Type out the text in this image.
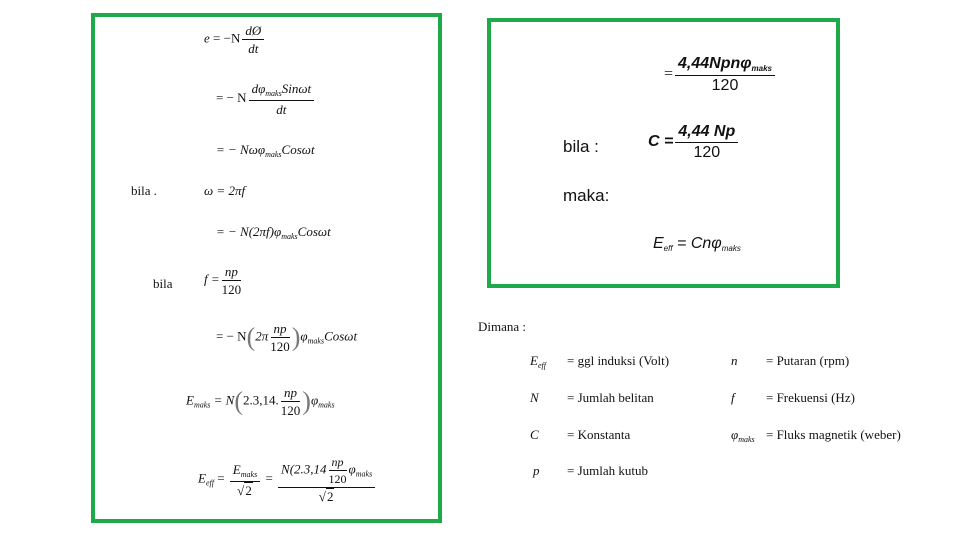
$e = -N \frac{dØ}{dt}$
= − N $\frac{d\varphi_{maks}Sin\omega t}{dt}$
= − Nωφ$_{maks}$Cosωt
bila .	ω = 2πf
= − $N(2\pi f)\varphi_{maks}Cos\omega t$
bila $f = \frac{np}{120}$
= − $N(2\pi \frac{np}{120} )\varphi_{maks}Cos\omega t$
$E_{maks} = N(2.3,14$. $\frac{np}{120} )\varphi_{maks}$
$E_{eff} = \frac{E_{maks}}{√2} = \frac{N(2.3,14 \frac{np}{120} \varphi_{maks}}{√2}$
= $\frac{4,44Npn\varphi_{maks}}{120}$
bila :	$C = \frac{4,44 Np}{120}$
maka:
$E_{eff} = Cn\varphi_{maks}$
Dimana :
$E_{eff}$ = ggl induksi (Volt)	n = Putaran (rpm)
N = Jumlah belitan	f = Frekuensi (Hz)
C = Konstanta	$\varphi_{maks}$ = Fluks magnetik (weber)
p = Jumlah kutub
